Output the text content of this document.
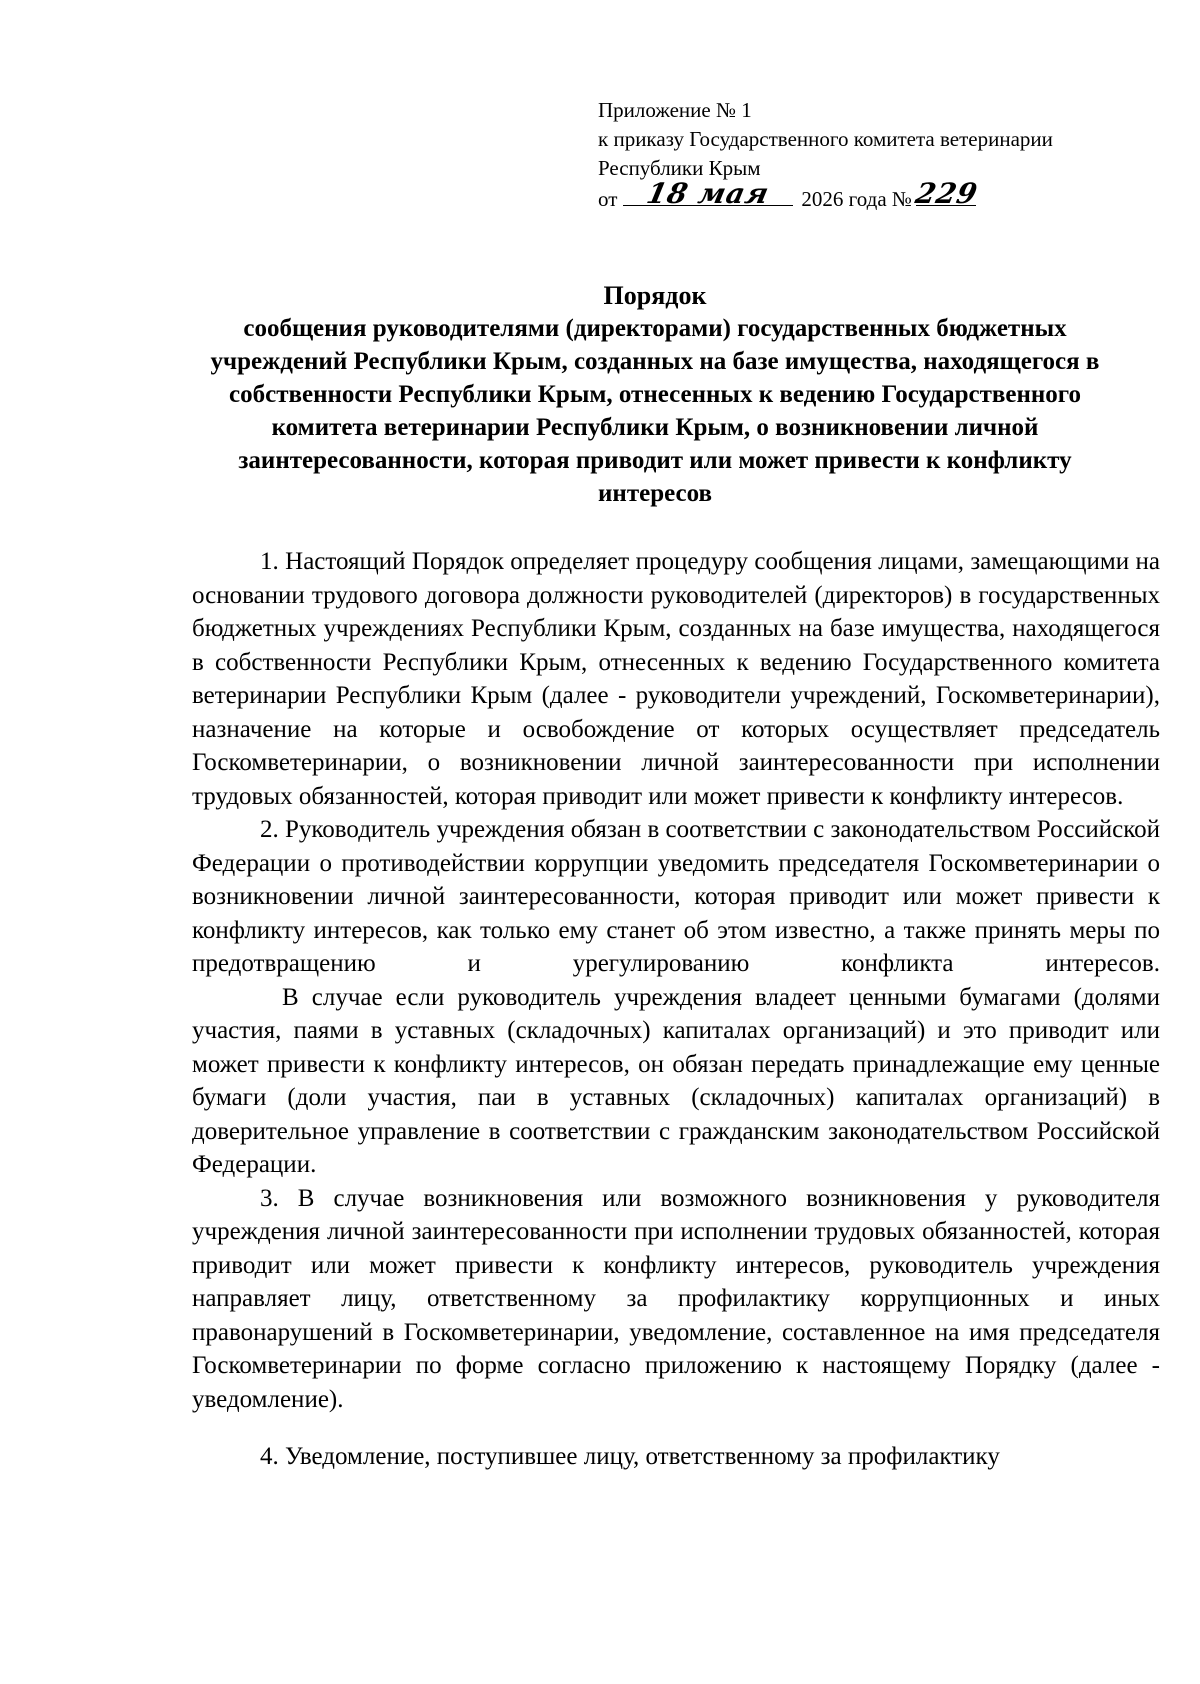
Приложение № 1
к приказу Государственного комитета ветеринарии
Республики Крым
от 18 мая	2026 года № 229
Порядок
сообщения руководителями (директорами) государственных бюджетных учреждений Республики Крым, созданных на базе имущества, находящегося в собственности Республики Крым, отнесенных к ведению Государственного комитета ветеринарии Республики Крым, о возникновении личной заинтересованности, которая приводит или может привести к конфликту интересов

1. Настоящий Порядок определяет процедуру сообщения лицами, замещающими на основании трудового договора должности руководителей (директоров) в государственных бюджетных учреждениях Республики Крым, созданных на базе имущества, находящегося в собственности Республики Крым, отнесенных к ведению Государственного комитета ветеринарии Республики Крым (далее - руководители учреждений, Госкомветеринарии), назначение на которые и освобождение от которых осуществляет председатель Госкомветеринарии, о возникновении личной заинтересованности при исполнении трудовых обязанностей, которая приводит или может привести к конфликту интересов.

2. Руководитель учреждения обязан в соответствии с законодательством Российской Федерации о противодействии коррупции уведомить председателя Госкомветеринарии о возникновении личной заинтересованности, которая приводит или может привести к конфликту интересов, как только ему станет об этом известно, а также принять меры по предотвращению и урегулированию конфликта интересов.

В случае если руководитель учреждения владеет ценными бумагами (долями участия, паями в уставных (складочных) капиталах организаций) и это приводит или может привести к конфликту интересов, он обязан передать принадлежащие ему ценные бумаги (доли участия, паи в уставных (складочных) капиталах организаций) в доверительное управление в соответствии с гражданским законодательством Российской Федерации.

3. В случае возникновения или возможного возникновения у руководителя учреждения личной заинтересованности при исполнении трудовых обязанностей, которая приводит или может привести к конфликту интересов, руководитель учреждения направляет лицу, ответственному за профилактику коррупционных и иных правонарушений в Госкомветеринарии, уведомление, составленное на имя председателя Госкомветеринарии по форме согласно приложению к настоящему Порядку (далее - уведомление).

4. Уведомление, поступившее лицу, ответственному за профилактику
